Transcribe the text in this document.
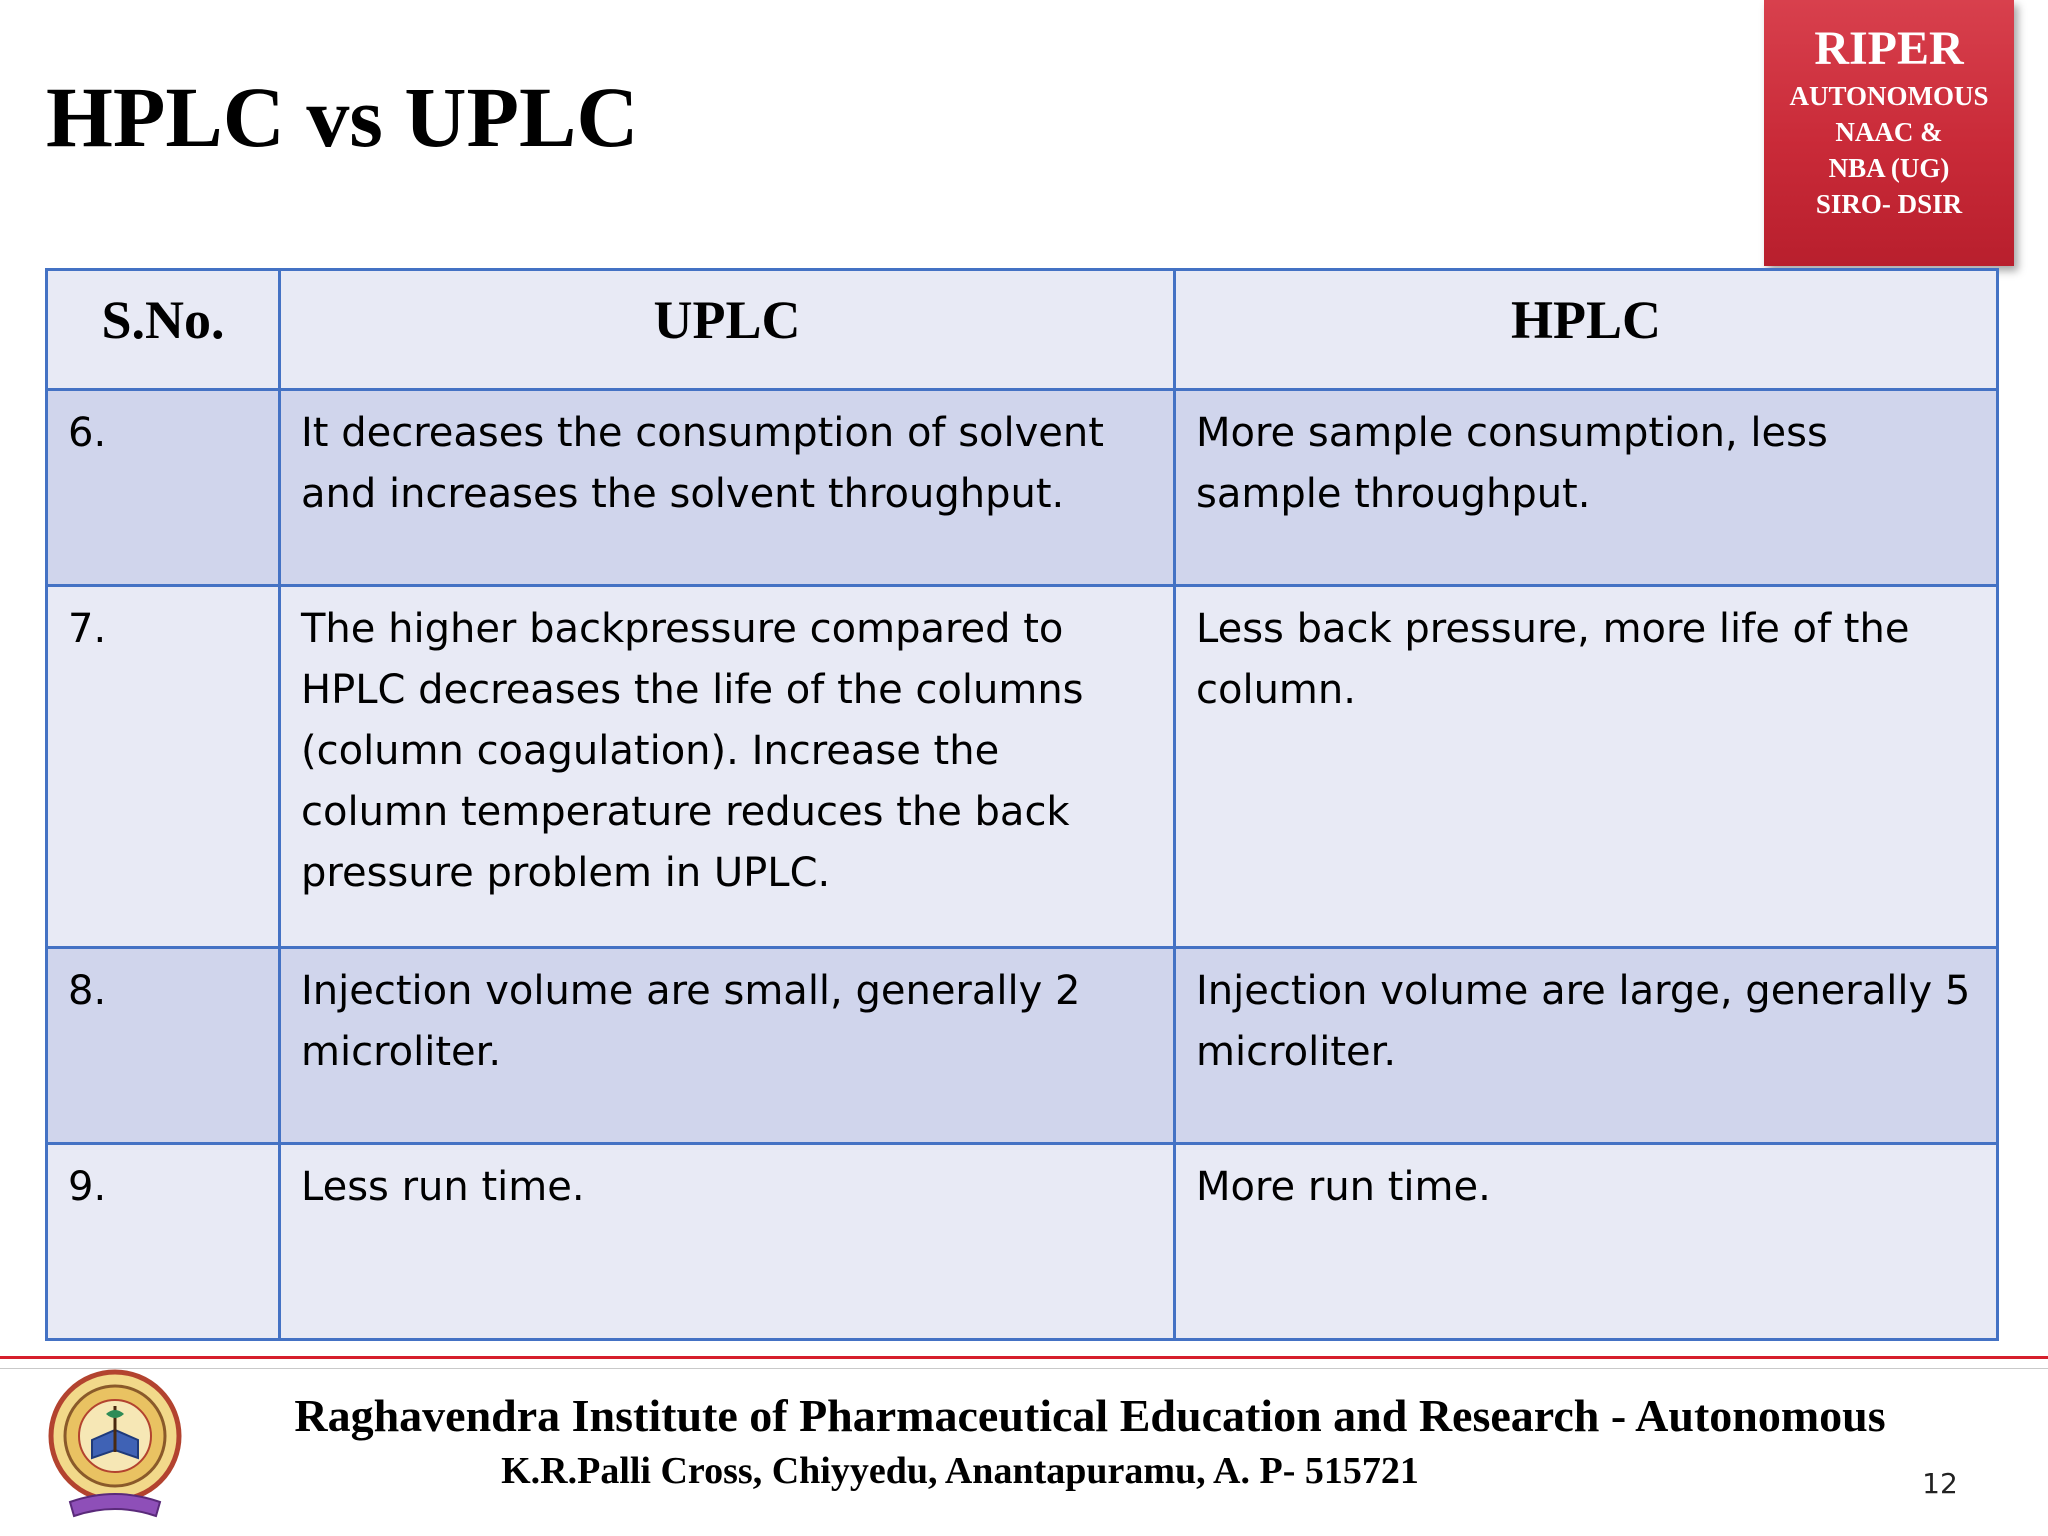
HPLC vs UPLC
RIPER
AUTONOMOUS
NAAC &
NBA (UG)
SIRO- DSIR
S.No.	UPLC	HPLC
6.	It decreases the consumption of solvent and increases the solvent throughput.	More sample consumption, less sample throughput.
7.	The higher backpressure compared to HPLC decreases the life of the columns (column coagulation). Increase the column temperature reduces the back pressure problem in UPLC.	Less back pressure, more life of the column.
8.	Injection volume are small, generally 2 microliter.	Injection volume are large, generally 5 microliter.
9.	Less run time.	More run time.
Raghavendra Institute of Pharmaceutical Education and Research - Autonomous
K.R.Palli Cross, Chiyyedu, Anantapuramu, A. P- 515721	12
